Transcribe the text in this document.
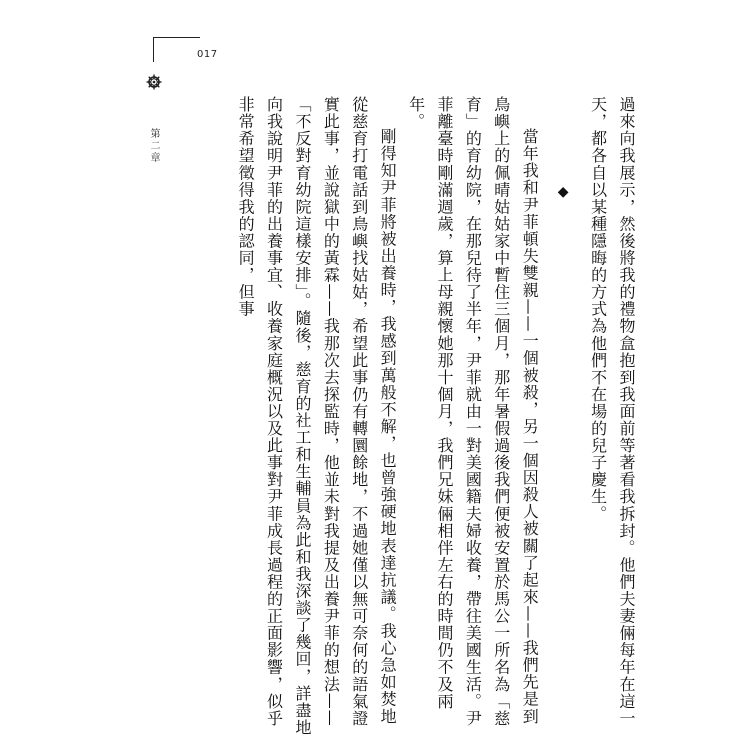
017
第二章	過來向我展示，然後將我的禮物盒抱到我面前等著看我拆封。他們夫妻倆每年在這一天，都各自以某種隱晦的方式為他們不在場的兒子慶生。

◆

當年我和尹菲頓失雙親——一個被殺，另一個因殺人被關了起來——我們先是到鳥嶼上的佩晴姑姑家中暫住三個月，那年暑假過後我們便被安置於馬公一所名為「慈育」的育幼院，在那兒待了半年，尹菲就由一對美國籍夫婦收養，帶往美國生活。尹菲離臺時剛滿週歲，算上母親懷她那十個月，我們兄妹倆相伴左右的時間仍不及兩年。

剛得知尹菲將被出養時，我感到萬般不解，也曾強硬地表達抗議。我心急如焚地從慈育打電話到鳥嶼找姑姑，希望此事仍有轉圜餘地，不過她僅以無可奈何的語氣證實此事，並說獄中的黃霖——我那次去探監時，他並未對我提及出養尹菲的想法——「不反對育幼院這樣安排」。隨後，慈育的社工和生輔員為此和我深談了幾回，詳盡地向我說明尹菲的出養事宜、收養家庭概況以及此事對尹菲成長過程的正面影響，似乎非常希望徵得我的認同，但事
